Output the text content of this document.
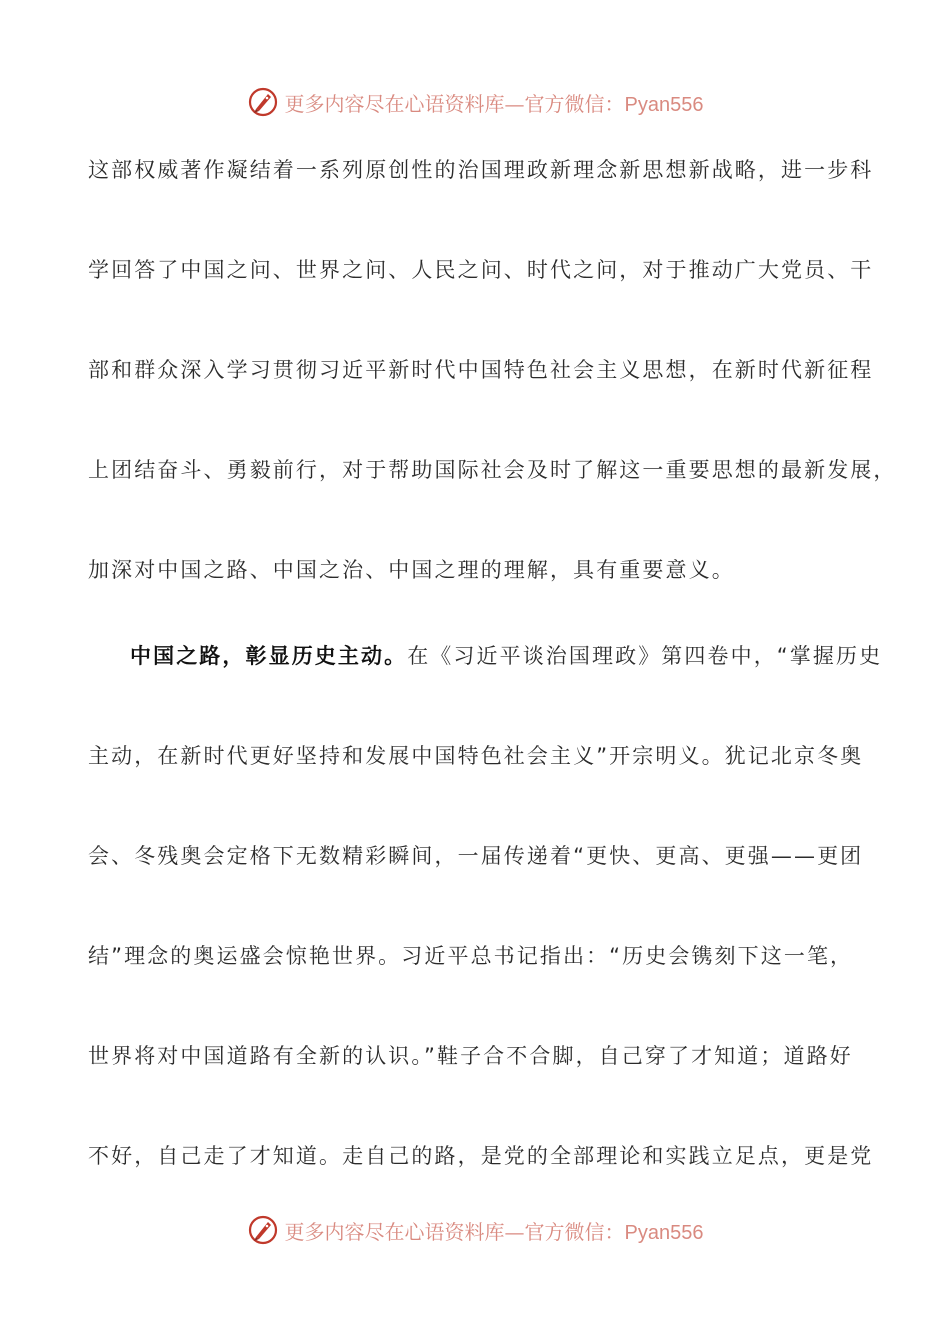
更多内容尽在心语资料库—官方微信：Pyan556
这部权威著作凝结着一系列原创性的治国理政新理念新思想新战略，进一步科
学回答了中国之问、世界之问、人民之问、时代之问，对于推动广大党员、干
部和群众深入学习贯彻习近平新时代中国特色社会主义思想，在新时代新征程
上团结奋斗、勇毅前行，对于帮助国际社会及时了解这一重要思想的最新发展，
加深对中国之路、中国之治、中国之理的理解，具有重要意义。
中国之路，彰显历史主动。在《习近平谈治国理政》第四卷中，“掌握历史
主动，在新时代更好坚持和发展中国特色社会主义”开宗明义。犹记北京冬奥
会、冬残奥会定格下无数精彩瞬间，一届传递着“更快、更高、更强——更团
结”理念的奥运盛会惊艳世界。习近平总书记指出：“历史会镌刻下这一笔，
世界将对中国道路有全新的认识。”鞋子合不合脚，自己穿了才知道；道路好
不好，自己走了才知道。走自己的路，是党的全部理论和实践立足点，更是党
更多内容尽在心语资料库—官方微信：Pyan556
